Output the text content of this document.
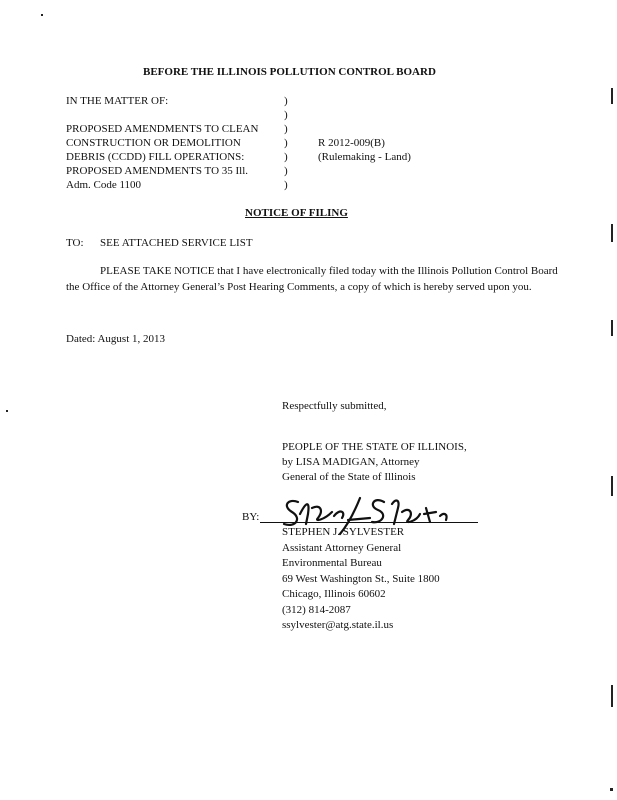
BEFORE THE ILLINOIS POLLUTION CONTROL BOARD
IN THE MATTER OF:
PROPOSED AMENDMENTS TO CLEAN
CONSTRUCTION OR DEMOLITION
DEBRIS (CCDD) FILL OPERATIONS:
PROPOSED AMENDMENTS TO 35 Ill.
Adm. Code 1100
)
)
)
)
)
)
)
R 2012-009(B)
(Rulemaking - Land)
NOTICE OF FILING
TO: SEE ATTACHED SERVICE LIST
PLEASE TAKE NOTICE that I have electronically filed today with the Illinois Pollution Control Board the Office of the Attorney General’s Post Hearing Comments, a copy of which is hereby served upon you.
Dated: August 1, 2013
Respectfully submitted,
PEOPLE OF THE STATE OF ILLINOIS,
by LISA MADIGAN, Attorney
General of the State of Illinois
BY:
STEPHEN J. SYLVESTER
Assistant Attorney General
Environmental Bureau
69 West Washington St., Suite 1800
Chicago, Illinois 60602
(312) 814-2087
ssylvester@atg.state.il.us
